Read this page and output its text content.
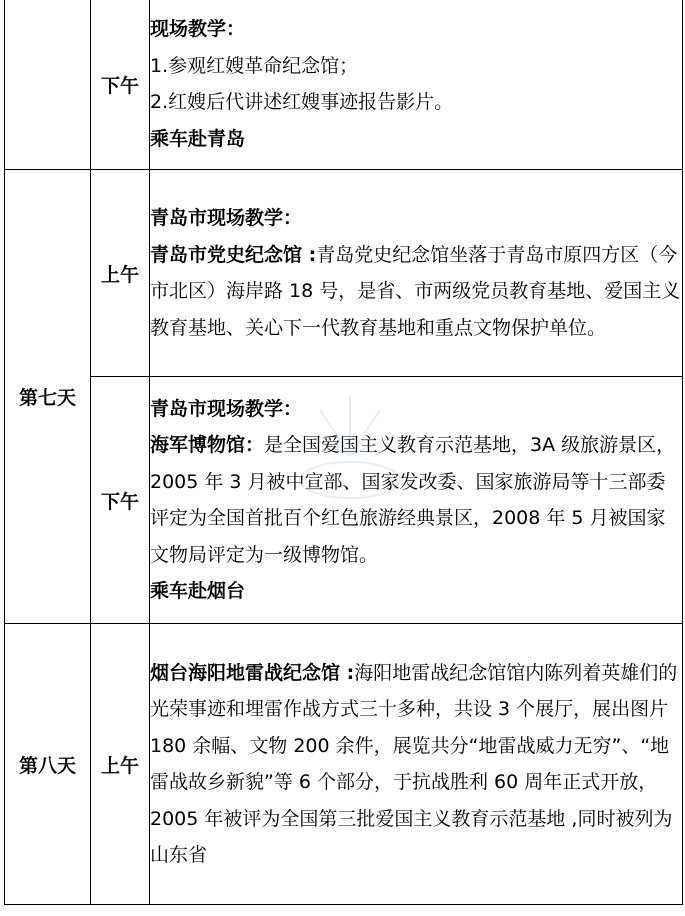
	下午	现场教学：

1.参观红嫂革命纪念馆；

2.红嫂后代讲述红嫂事迹报告影片。

乘车赴青岛

第七天	上午	青岛市现场教学：

青岛市党史纪念馆 :青岛党史纪念馆坐落于青岛市原四方区（今市北区）海岸路 18 号，是省、市两级党员教育基地、爱国主义教育基地、关心下一代教育基地和重点文物保护单位。

	下午	青岛市现场教学：

海军博物馆：是全国爱国主义教育示范基地，3A 级旅游景区，2005 年 3 月被中宣部、国家发改委、国家旅游局等十三部委评定为全国首批百个红色旅游经典景区，2008 年 5 月被国家文物局评定为一级博物馆。

乘车赴烟台

第八天	上午	烟台海阳地雷战纪念馆 :海阳地雷战纪念馆馆内陈列着英雄们的光荣事迹和埋雷作战方式三十多种，共设 3 个展厅，展出图片 180 余幅、文物 200 余件，展览共分“地雷战威力无穷”、“地雷战故乡新貌”等 6 个部分，于抗战胜利 60 周年正式开放，2005 年被评为全国第三批爱国主义教育示范基地 ,同时被列为山东省
